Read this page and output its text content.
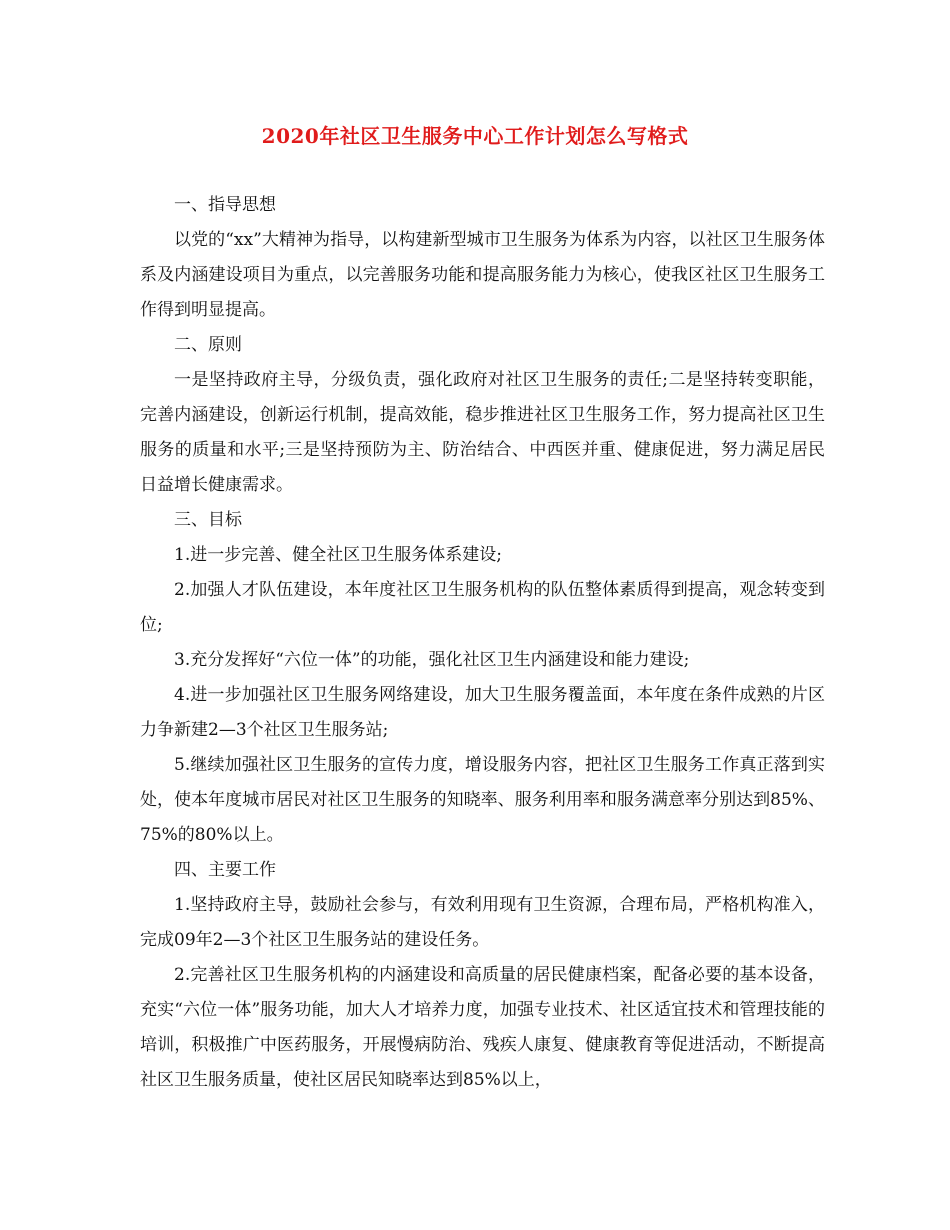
2020年社区卫生服务中心工作计划怎么写格式

一、指导思想

以党的“xx”大精神为指导，以构建新型城市卫生服务为体系为内容，以社区卫生服务体系及内涵建设项目为重点，以完善服务功能和提高服务能力为核心，使我区社区卫生服务工作得到明显提高。

二、原则

一是坚持政府主导，分级负责，强化政府对社区卫生服务的责任;二是坚持转变职能，完善内涵建设，创新运行机制，提高效能，稳步推进社区卫生服务工作，努力提高社区卫生服务的质量和水平;三是坚持预防为主、防治结合、中西医并重、健康促进，努力满足居民日益增长健康需求。

三、目标

1.进一步完善、健全社区卫生服务体系建设;

2.加强人才队伍建设，本年度社区卫生服务机构的队伍整体素质得到提高，观念转变到位;

3.充分发挥好“六位一体”的功能，强化社区卫生内涵建设和能力建设;

4.进一步加强社区卫生服务网络建设，加大卫生服务覆盖面，本年度在条件成熟的片区力争新建2—3个社区卫生服务站;

5.继续加强社区卫生服务的宣传力度，增设服务内容，把社区卫生服务工作真正落到实处，使本年度城市居民对社区卫生服务的知晓率、服务利用率和服务满意率分别达到85%、75%的80%以上。

四、主要工作

1.坚持政府主导，鼓励社会参与，有效利用现有卫生资源，合理布局，严格机构准入，完成09年2—3个社区卫生服务站的建设任务。

2.完善社区卫生服务机构的内涵建设和高质量的居民健康档案，配备必要的基本设备，充实“六位一体”服务功能，加大人才培养力度，加强专业技术、社区适宜技术和管理技能的培训，积极推广中医药服务，开展慢病防治、残疾人康复、健康教育等促进活动，不断提高社区卫生服务质量，使社区居民知晓率达到85%以上，
